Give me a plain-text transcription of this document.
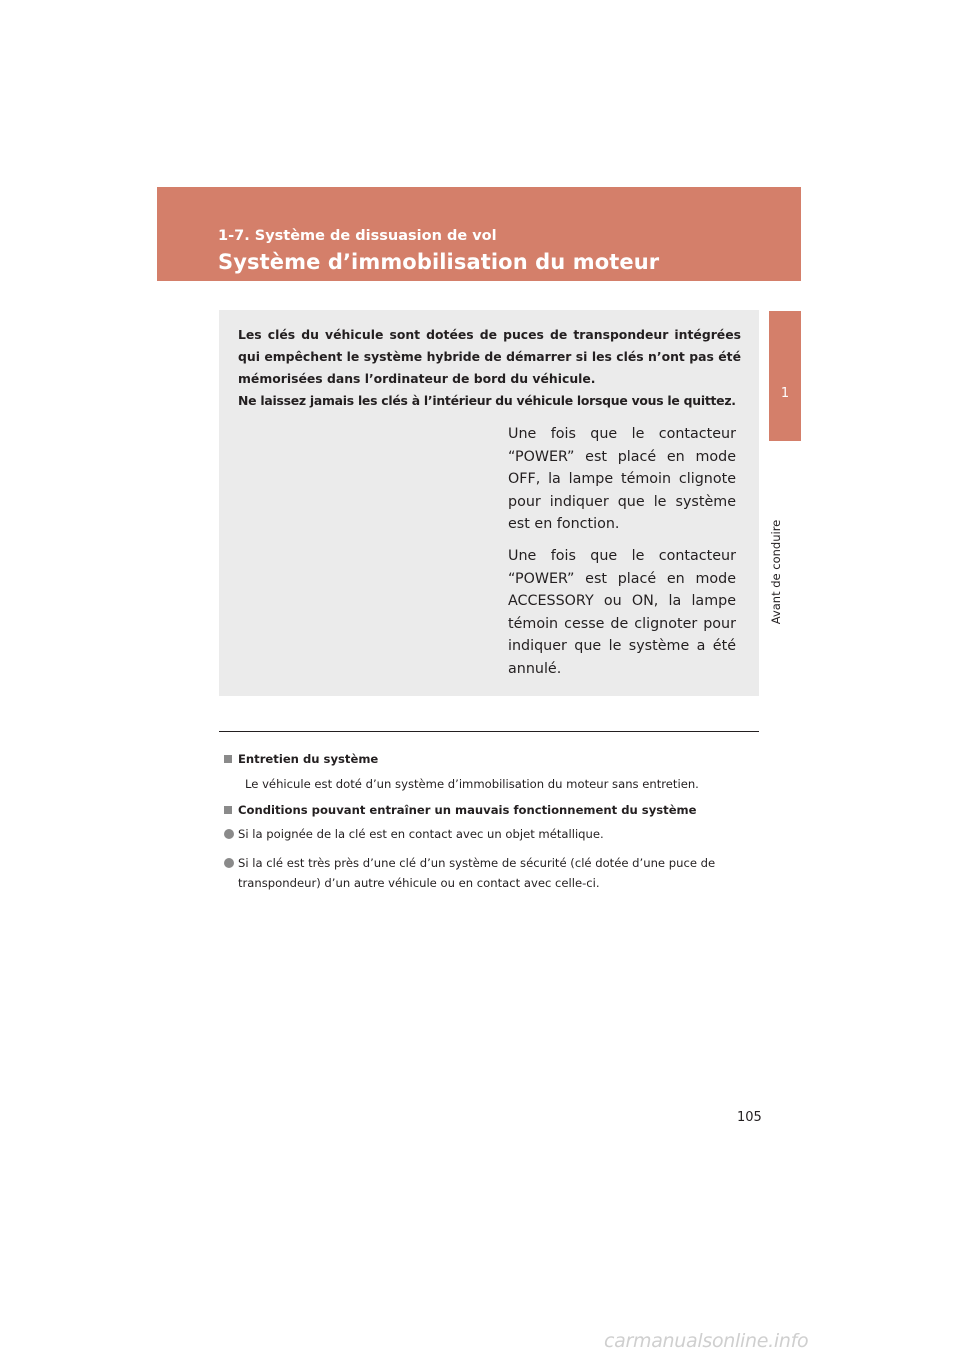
1-7. Système de dissuasion de vol
Système d’immobilisation du moteur
1
Avant de conduire

Les clés du véhicule sont dotées de puces de transpondeur intégrées qui empêchent le système hybride de démarrer si les clés n’ont pas été mémorisées dans l’ordinateur de bord du véhicule.

Ne laissez jamais les clés à l’intérieur du véhicule lorsque vous le quittez.

Une fois que le contacteur “POWER” est placé en mode OFF, la lampe témoin clignote pour indiquer que le système est en fonction.
Une fois que le contacteur “POWER” est placé en mode ACCESSORY ou ON, la lampe témoin cesse de clignoter pour indiquer que le système a été annulé.
Entretien du système
Le véhicule est doté d’un système d’immobilisation du moteur sans entretien.
Conditions pouvant entraîner un mauvais fonctionnement du système
Si la poignée de la clé est en contact avec un objet métallique.
Si la clé est très près d’une clé d’un système de sécurité (clé dotée d’une puce de transpondeur) d’un autre véhicule ou en contact avec celle-ci.
105
carmanualsonline.info
